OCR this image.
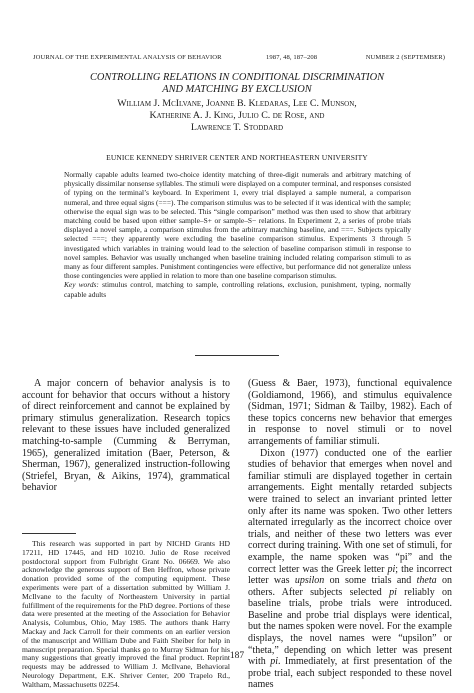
JOURNAL OF THE EXPERIMENTAL ANALYSIS OF BEHAVIOR	1987, 48, 187–208	NUMBER 2 (SEPTEMBER)
CONTROLLING RELATIONS IN CONDITIONAL DISCRIMINATION
AND MATCHING BY EXCLUSION
William J. McIlvane, Joanne B. Kledaras, Lee C. Munson,
Katherine A. J. King, Julio C. de Rose, and
Lawrence T. Stoddard
EUNICE KENNEDY SHRIVER CENTER AND NORTHEASTERN UNIVERSITY
Normally capable adults learned two-choice identity matching of three-digit numerals and arbitrary matching of physically dissimilar nonsense syllables. The stimuli were displayed on a computer terminal, and responses consisted of typing on the terminal’s keyboard. In Experiment 1, every trial displayed a sample numeral, a comparison numeral, and three equal signs (===). The comparison stimulus was to be selected if it was identical with the sample; otherwise the equal sign was to be selected. This “single comparison” method was then used to show that arbitrary matching could be based upon either sample–S+ or sample–S− relations. In Experiment 2, a series of probe trials displayed a novel sample, a comparison stimulus from the arbitrary matching baseline, and ===. Subjects typically selected ===; they apparently were excluding the baseline comparison stimulus. Experiments 3 through 5 investigated which variables in training would lead to the selection of baseline comparison stimuli in response to novel samples. Behavior was usually unchanged when baseline training included relating comparison stimuli to as many as four different samples. Punishment contingencies were effective, but performance did not generalize unless those contingencies were applied in relation to more than one baseline comparison stimulus.
Key words: stimulus control, matching to sample, controlling relations, exclusion, punishment, typing, normally capable adults

A major concern of behavior analysis is to account for behavior that occurs without a history of direct reinforcement and cannot be explained by primary stimulus generalization. Research topics relevant to these issues have included generalized matching-to-sample (Cumming & Berryman, 1965), generalized imitation (Baer, Peterson, & Sherman, 1967), generalized instruction-following (Striefel, Bryan, & Aikins, 1974), grammatical behavior

This research was supported in part by NICHD Grants HD 17211, HD 17445, and HD 10210. Julio de Rose received postdoctoral support from Fulbright Grant No. 06669. We also acknowledge the generous support of Ben Heffron, whose private donation provided some of the computing equipment. These experiments were part of a dissertation submitted by William J. McIlvane to the faculty of Northeastern University in partial fulfillment of the requirements for the PhD degree. Portions of these data were presented at the meeting of the Association for Behavior Analysis, Columbus, Ohio, May 1985. The authors thank Harry Mackay and Jack Carroll for their comments on an earlier version of the manuscript and William Dube and Faith Sheiber for help in manuscript preparation. Special thanks go to Murray Sidman for his many suggestions that greatly improved the final product. Reprint requests may be addressed to William J. McIlvane, Behavioral Neurology Department, E.K. Shriver Center, 200 Trapelo Rd., Waltham, Massachusetts 02254.

(Guess & Baer, 1973), functional equivalence (Goldiamond, 1966), and stimulus equivalence (Sidman, 1971; Sidman & Tailby, 1982). Each of these topics concerns new behavior that emerges in response to novel stimuli or to novel arrangements of familiar stimuli.

Dixon (1977) conducted one of the earlier studies of behavior that emerges when novel and familiar stimuli are displayed together in certain arrangements. Eight mentally retarded subjects were trained to select an invariant printed letter only after its name was spoken. Two other letters alternated irregularly as the incorrect choice over trials, and neither of these two letters was ever correct during training. With one set of stimuli, for example, the name spoken was “pi” and the correct letter was the Greek letter pi; the incorrect letter was upsilon on some trials and theta on others. After subjects selected pi reliably on baseline trials, probe trials were introduced. Baseline and probe trial displays were identical, but the names spoken were novel. For the example displays, the novel names were “upsilon” or “theta,” depending on which letter was present with pi. Immediately, at first presentation of the probe trial, each subject responded to these novel names

187
